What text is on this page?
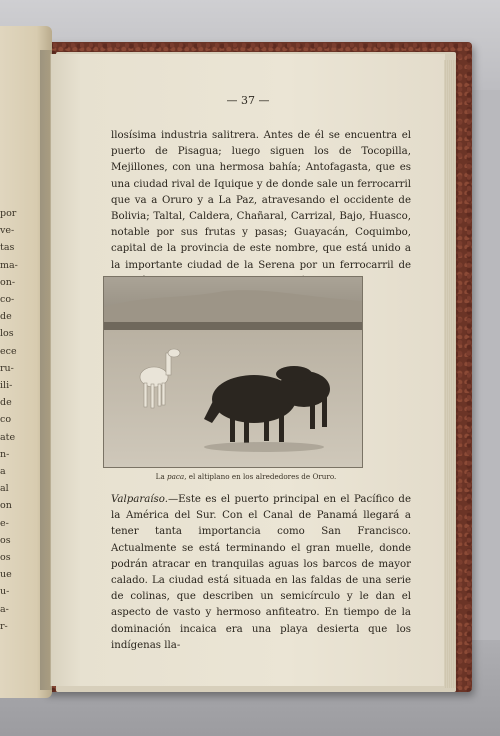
por
ve-
tas
ma-
on-
co-
de
los
ece
ru-
ili-
de
co
ate
n-
a
al
on
e-
os
os
ue
u-
a-
r-
— 37 —
llosísima industria salitrera. Antes de él se encuentra el puerto de Pisagua; luego siguen los de Tocopilla, Mejillones, con una hermosa bahía; Antofagasta, que es una ciudad rival de Iquique y de donde sale un ferrocarril que va a Oruro y a La Paz, atravesando el occidente de Bolivia; Taltal, Caldera, Chañaral, Carrizal, Bajo, Huasco, notable por sus frutas y pasas; Guayacán, Coquimbo, capital de la provincia de este nombre, que está unido a la importante ciudad de la Serena por un ferrocarril de
La paca, el altiplano en los alrededores de Oruro.
Valparaíso.—Este es el puerto principal en el Pacífico de la América del Sur. Con el Canal de Panamá llegará a tener tanta importancia como San Francisco. Actualmente se está terminando el gran muelle, donde podrán atracar en tranquilas aguas los barcos de mayor calado. La ciudad está situada en las faldas de una serie de colinas, que describen un semicírculo y le dan el aspecto de vasto y hermoso anfiteatro. En tiempo de la dominación incaica era una playa desierta que los indígenas lla-
